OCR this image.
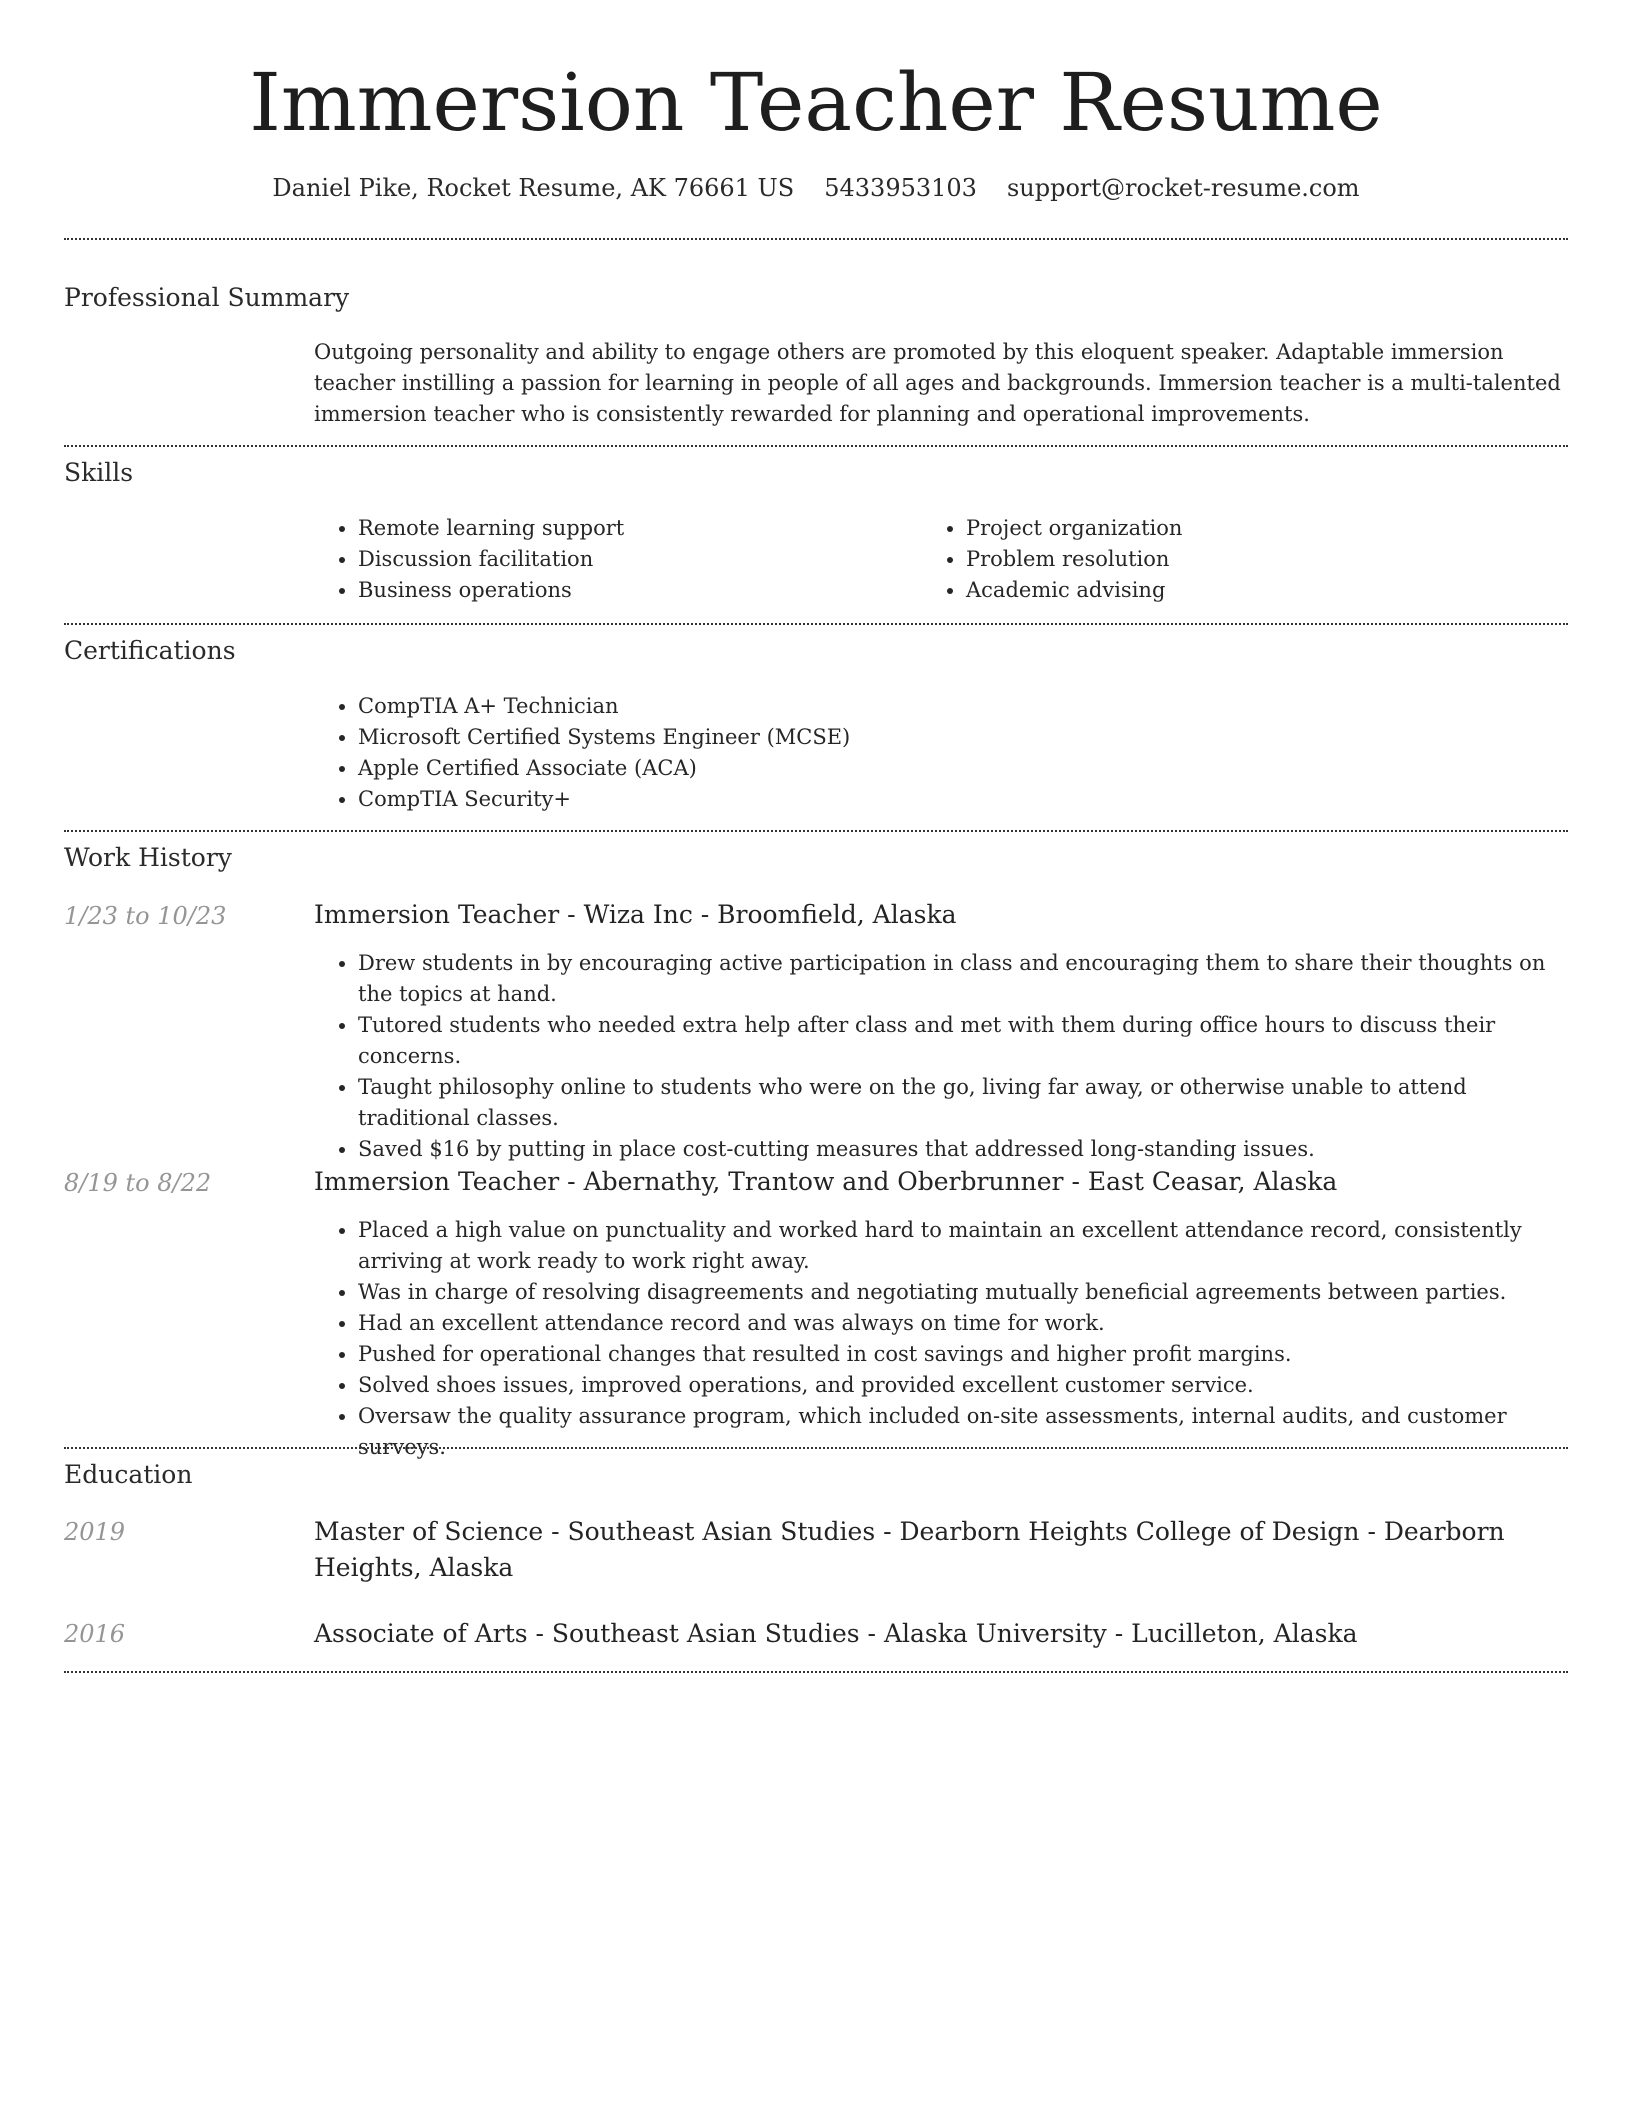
Immersion Teacher Resume
Daniel Pike, Rocket Resume, AK 76661 US 5433953103 support@rocket-resume.com
Professional Summary
Outgoing personality and ability to engage others are promoted by this eloquent speaker. Adaptable immersion teacher instilling a passion for learning in people of all ages and backgrounds. Immersion teacher is a multi-talented immersion teacher who is consistently rewarded for planning and operational improvements.
Skills
• Remote learning support
• Discussion facilitation
• Business operations
• Project organization
• Problem resolution
• Academic advising
Certifications
• CompTIA A+ Technician
• Microsoft Certified Systems Engineer (MCSE)
• Apple Certified Associate (ACA)
• CompTIA Security+
Work History
1/23 to 10/23	Immersion Teacher - Wiza Inc - Broomfield, Alaska
• Drew students in by encouraging active participation in class and encouraging them to share their thoughts on the topics at hand.
• Tutored students who needed extra help after class and met with them during office hours to discuss their concerns.
• Taught philosophy online to students who were on the go, living far away, or otherwise unable to attend traditional classes.
• Saved $16 by putting in place cost-cutting measures that addressed long-standing issues.
8/19 to 8/22	Immersion Teacher - Abernathy, Trantow and Oberbrunner - East Ceasar, Alaska
• Placed a high value on punctuality and worked hard to maintain an excellent attendance record, consistently arriving at work ready to work right away.
• Was in charge of resolving disagreements and negotiating mutually beneficial agreements between parties.
• Had an excellent attendance record and was always on time for work.
• Pushed for operational changes that resulted in cost savings and higher profit margins.
• Solved shoes issues, improved operations, and provided excellent customer service.
• Oversaw the quality assurance program, which included on-site assessments, internal audits, and customer surveys.
Education
2019	Master of Science - Southeast Asian Studies - Dearborn Heights College of Design - Dearborn Heights, Alaska
2016	Associate of Arts - Southeast Asian Studies - Alaska University - Lucilleton, Alaska
